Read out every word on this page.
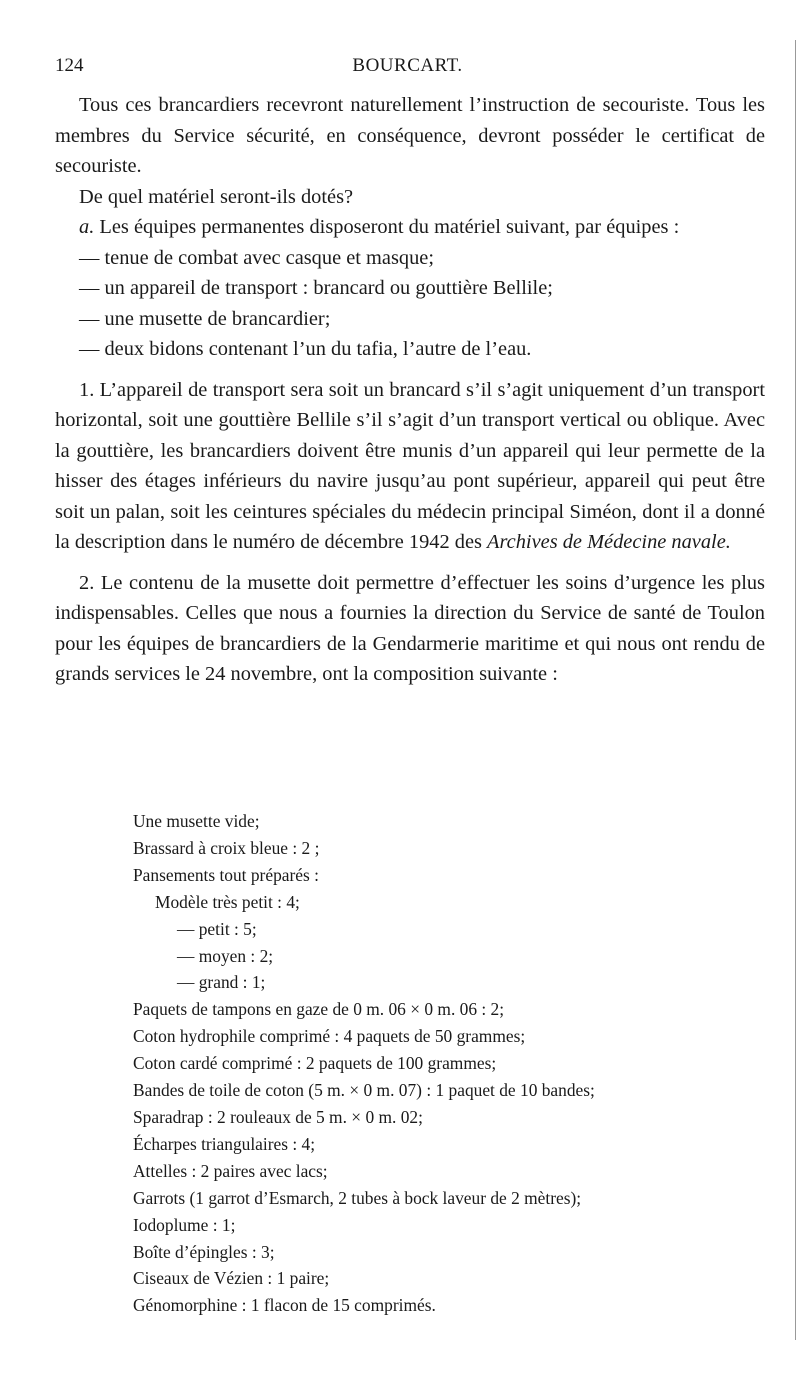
124	BOURCART.

Tous ces brancardiers recevront naturellement l’instruction de secouriste. Tous les membres du Service sécurité, en conséquence, devront posséder le certificat de secouriste.

De quel matériel seront-ils dotés?

a. Les équipes permanentes disposeront du matériel suivant, par équipes :

— tenue de combat avec casque et masque;
— un appareil de transport : brancard ou gouttière Bellile;
— une musette de brancardier;
— deux bidons contenant l’un du tafia, l’autre de l’eau.

1. L’appareil de transport sera soit un brancard s’il s’agit uniquement d’un transport horizontal, soit une gouttière Bellile s’il s’agit d’un transport vertical ou oblique. Avec la gouttière, les brancardiers doivent être munis d’un appareil qui leur permette de la hisser des étages inférieurs du navire jusqu’au pont supérieur, appareil qui peut être soit un palan, soit les ceintures spéciales du médecin principal Siméon, dont il a donné la description dans le numéro de décembre 1942 des Archives de Médecine navale.

2. Le contenu de la musette doit permettre d’effectuer les soins d’urgence les plus indispensables. Celles que nous a fournies la direction du Service de santé de Toulon pour les équipes de brancardiers de la Gendarmerie maritime et qui nous ont rendu de grands services le 24 novembre, ont la composition suivante :

Une musette vide;
Brassard à croix bleue : 2 ;
Pansements tout préparés :
Modèle très petit : 4;
— petit : 5;
— moyen : 2;
— grand : 1;
Paquets de tampons en gaze de 0 m. 06 × 0 m. 06 : 2;
Coton hydrophile comprimé : 4 paquets de 50 grammes;
Coton cardé comprimé : 2 paquets de 100 grammes;
Bandes de toile de coton (5 m. × 0 m. 07) : 1 paquet de 10 bandes;
Sparadrap : 2 rouleaux de 5 m. × 0 m. 02;
Écharpes triangulaires : 4;
Attelles : 2 paires avec lacs;
Garrots (1 garrot d’Esmarch, 2 tubes à bock laveur de 2 mètres);
Iodoplume : 1;
Boîte d’épingles : 3;
Ciseaux de Vézien : 1 paire;
Génomorphine : 1 flacon de 15 comprimés.
